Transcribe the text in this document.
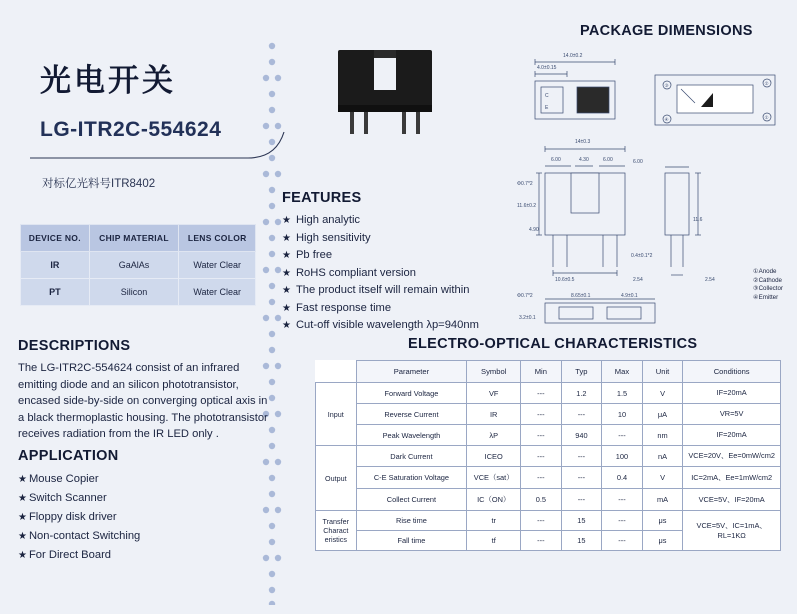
光电开关
LG-ITR2C-554624
对标亿光料号ITR8402
DEVICE NO.	CHIP MATERIAL	LENS COLOR
IR	GaAlAs	Water Clear
PT	Silicon	Water Clear
FEATURES
★ High analytic
★ High sensitivity
★ Pb free
★ RoHS compliant version
★ The product itself will remain within
★ Fast response time
★ Cut-off visible wavelength λp=940nm
DESCRIPTIONS
The LG-ITR2C-554624 consist of an infrared emitting diode and an silicon phototransistor, encased side-by-side on converging optical axis in a black thermoplastic housing. The phototransistor receives radiation from the IR LED only .
APPLICATION
★ Mouse Copier
★ Switch Scanner
★ Floppy disk driver
★ Non-contact Switching
★ For Direct Board
PACKAGE DIMENSIONS
14.0±0.2
4.0±0.15
C
E
③	②
①
④
14±0.3
6.00	4.30	6.00	6.00
11.6
Φ0.7*2
11.6±0.2
4.90
10.6±0.5
0.4±0.1*2
2.54	2.54
Φ0.7*2	8.65±0.1	4.9±0.1
3.2±0.1
①Anode
②Cathode
③Collector
④Emitter
ELECTRO-OPTICAL CHARACTERISTICS
	Parameter	Symbol	Min	Typ	Max	Unit	Conditions
Input	Forward Voltage	VF	---	1.2	1.5	V	IF=20mA
	Reverse Current	IR	---	---	10	μA	VR=5V
	Peak Wavelength	λP	---	940	---	nm	IF=20mA
Output	Dark Current	ICEO	---	---	100	nA	VCE=20V、Ee=0mW/cm2
	C-E Saturation Voltage	VCE（sat）	---	---	0.4	V	IC=2mA、Ee=1mW/cm2
	Collect Current	IC（ON）	0.5	---	---	mA	VCE=5V、IF=20mA
Transfer Charact eristics	Rise time	tr	---	15	---	μs	VCE=5V、IC=1mA、RL=1KΩ
	Fall time	tf	---	15	---	μs	
